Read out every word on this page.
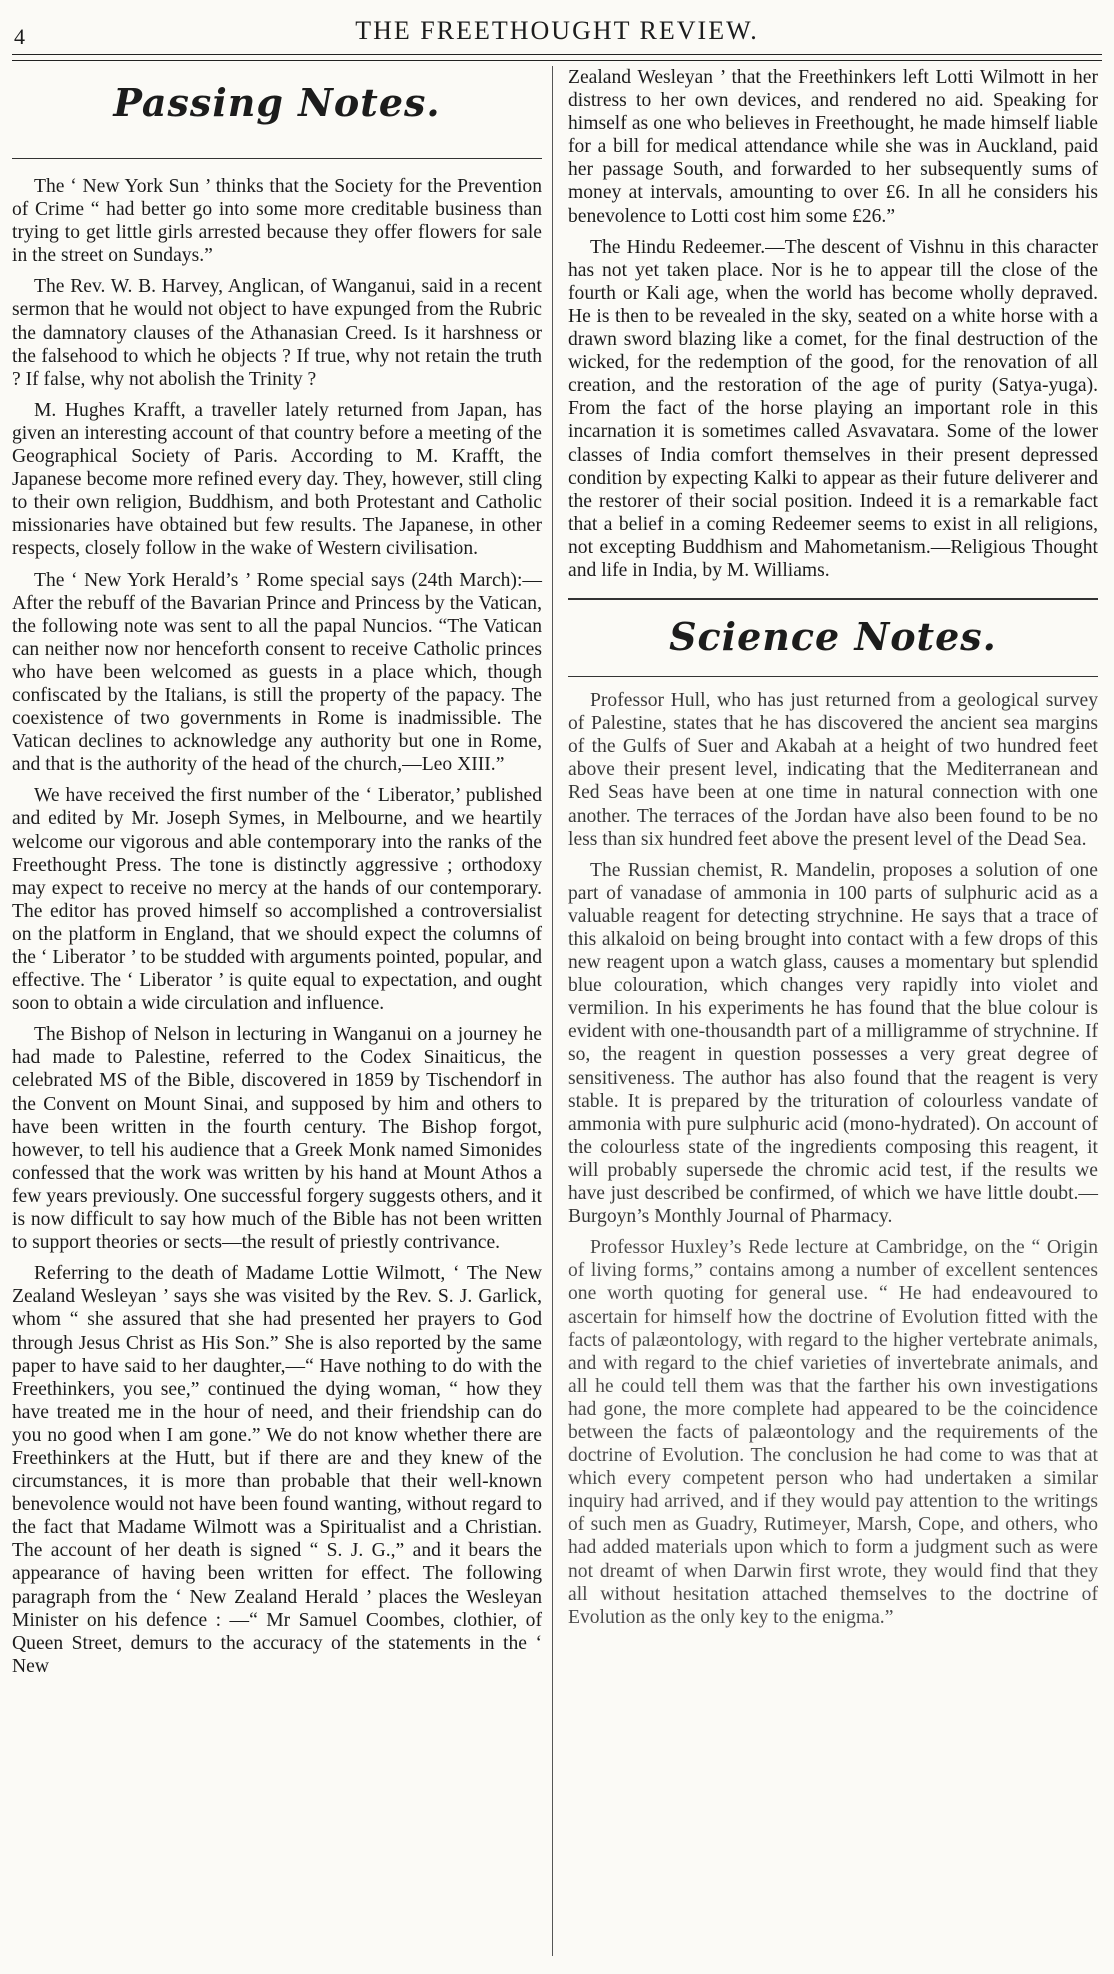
4	THE FREETHOUGHT REVIEW.
Passing Notes.

The ‘ New York Sun ’ thinks that the Society for the Prevention of Crime “ had better go into some more creditable business than trying to get little girls arrested because they offer flowers for sale in the street on Sundays.”

The Rev. W. B. Harvey, Anglican, of Wanganui, said in a recent sermon that he would not object to have expunged from the Rubric the damnatory clauses of the Athanasian Creed. Is it harshness or the falsehood to which he objects ? If true, why not retain the truth ? If false, why not abolish the Trinity ?

M. Hughes Krafft, a traveller lately returned from Japan, has given an interesting account of that country before a meeting of the Geographical Society of Paris. According to M. Krafft, the Japanese become more refined every day. They, however, still cling to their own religion, Buddhism, and both Protestant and Catholic missionaries have obtained but few results. The Japanese, in other respects, closely follow in the wake of Western civilisation.

The ‘ New York Herald’s ’ Rome special says (24th March):—After the rebuff of the Bavarian Prince and Princess by the Vatican, the following note was sent to all the papal Nuncios. “The Vatican can neither now nor henceforth consent to receive Catholic princes who have been welcomed as guests in a place which, though confiscated by the Italians, is still the property of the papacy. The coexistence of two governments in Rome is inadmissible. The Vatican declines to acknowledge any authority but one in Rome, and that is the authority of the head of the church,—Leo XIII.”

We have received the first number of the ‘ Liberator,’ published and edited by Mr. Joseph Symes, in Melbourne, and we heartily welcome our vigorous and able contemporary into the ranks of the Freethought Press. The tone is distinctly aggressive ; orthodoxy may expect to receive no mercy at the hands of our contemporary. The editor has proved himself so accomplished a controversialist on the platform in England, that we should expect the columns of the ‘ Liberator ’ to be studded with arguments pointed, popular, and effective. The ‘ Liberator ’ is quite equal to expectation, and ought soon to obtain a wide circulation and influence.

The Bishop of Nelson in lecturing in Wanganui on a journey he had made to Palestine, referred to the Codex Sinaiticus, the celebrated MS of the Bible, discovered in 1859 by Tischendorf in the Convent on Mount Sinai, and supposed by him and others to have been written in the fourth century. The Bishop forgot, however, to tell his audience that a Greek Monk named Simonides confessed that the work was written by his hand at Mount Athos a few years previously. One successful forgery suggests others, and it is now difficult to say how much of the Bible has not been written to support theories or sects—the result of priestly contrivance.

Referring to the death of Madame Lottie Wilmott, ‘ The New Zealand Wesleyan ’ says she was visited by the Rev. S. J. Garlick, whom “ she assured that she had presented her prayers to God through Jesus Christ as His Son.” She is also reported by the same paper to have said to her daughter,—“ Have nothing to do with the Freethinkers, you see,” continued the dying woman, “ how they have treated me in the hour of need, and their friendship can do you no good when I am gone.” We do not know whether there are Freethinkers at the Hutt, but if there are and they knew of the circumstances, it is more than probable that their well-known benevolence would not have been found wanting, without regard to the fact that Madame Wilmott was a Spiritualist and a Christian. The account of her death is signed “ S. J. G.,” and it bears the appearance of having been written for effect. The following paragraph from the ‘ New Zealand Herald ’ places the Wesleyan Minister on his defence : —“ Mr Samuel Coombes, clothier, of Queen Street, demurs to the accuracy of the statements in the ‘ New

Zealand Wesleyan ’ that the Freethinkers left Lotti Wilmott in her distress to her own devices, and rendered no aid. Speaking for himself as one who believes in Freethought, he made himself liable for a bill for medical attendance while she was in Auckland, paid her passage South, and forwarded to her subsequently sums of money at intervals, amounting to over £6. In all he considers his benevolence to Lotti cost him some £26.”

The Hindu Redeemer.—The descent of Vishnu in this character has not yet taken place. Nor is he to appear till the close of the fourth or Kali age, when the world has become wholly depraved. He is then to be revealed in the sky, seated on a white horse with a drawn sword blazing like a comet, for the final destruction of the wicked, for the redemption of the good, for the renovation of all creation, and the restoration of the age of purity (Satya-yuga). From the fact of the horse playing an important role in this incarnation it is sometimes called Asvavatara. Some of the lower classes of India comfort themselves in their present depressed condition by expecting Kalki to appear as their future deliverer and the restorer of their social position. Indeed it is a remarkable fact that a belief in a coming Redeemer seems to exist in all religions, not excepting Buddhism and Mahometanism.—Religious Thought and life in India, by M. Williams.

Science Notes.

Professor Hull, who has just returned from a geological survey of Palestine, states that he has discovered the ancient sea margins of the Gulfs of Suer and Akabah at a height of two hundred feet above their present level, indicating that the Mediterranean and Red Seas have been at one time in natural connection with one another. The terraces of the Jordan have also been found to be no less than six hundred feet above the present level of the Dead Sea.

The Russian chemist, R. Mandelin, proposes a solution of one part of vanadase of ammonia in 100 parts of sulphuric acid as a valuable reagent for detecting strychnine. He says that a trace of this alkaloid on being brought into contact with a few drops of this new reagent upon a watch glass, causes a momentary but splendid blue colouration, which changes very rapidly into violet and vermilion. In his experiments he has found that the blue colour is evident with one-thousandth part of a milligramme of strychnine. If so, the reagent in question possesses a very great degree of sensitiveness. The author has also found that the reagent is very stable. It is prepared by the trituration of colourless vandate of ammonia with pure sulphuric acid (mono-hydrated). On account of the colourless state of the ingredients composing this reagent, it will probably supersede the chromic acid test, if the results we have just described be confirmed, of which we have little doubt.—Burgoyn’s Monthly Journal of Pharmacy.

Professor Huxley’s Rede lecture at Cambridge, on the “ Origin of living forms,” contains among a number of excellent sentences one worth quoting for general use. “ He had endeavoured to ascertain for himself how the doctrine of Evolution fitted with the facts of palæontology, with regard to the higher vertebrate animals, and with regard to the chief varieties of invertebrate animals, and all he could tell them was that the farther his own investigations had gone, the more complete had appeared to be the coincidence between the facts of palæontology and the requirements of the doctrine of Evolution. The conclusion he had come to was that at which every competent person who had undertaken a similar inquiry had arrived, and if they would pay attention to the writings of such men as Guadry, Rutimeyer, Marsh, Cope, and others, who had added materials upon which to form a judgment such as were not dreamt of when Darwin first wrote, they would find that they all without hesitation attached themselves to the doctrine of Evolution as the only key to the enigma.”
